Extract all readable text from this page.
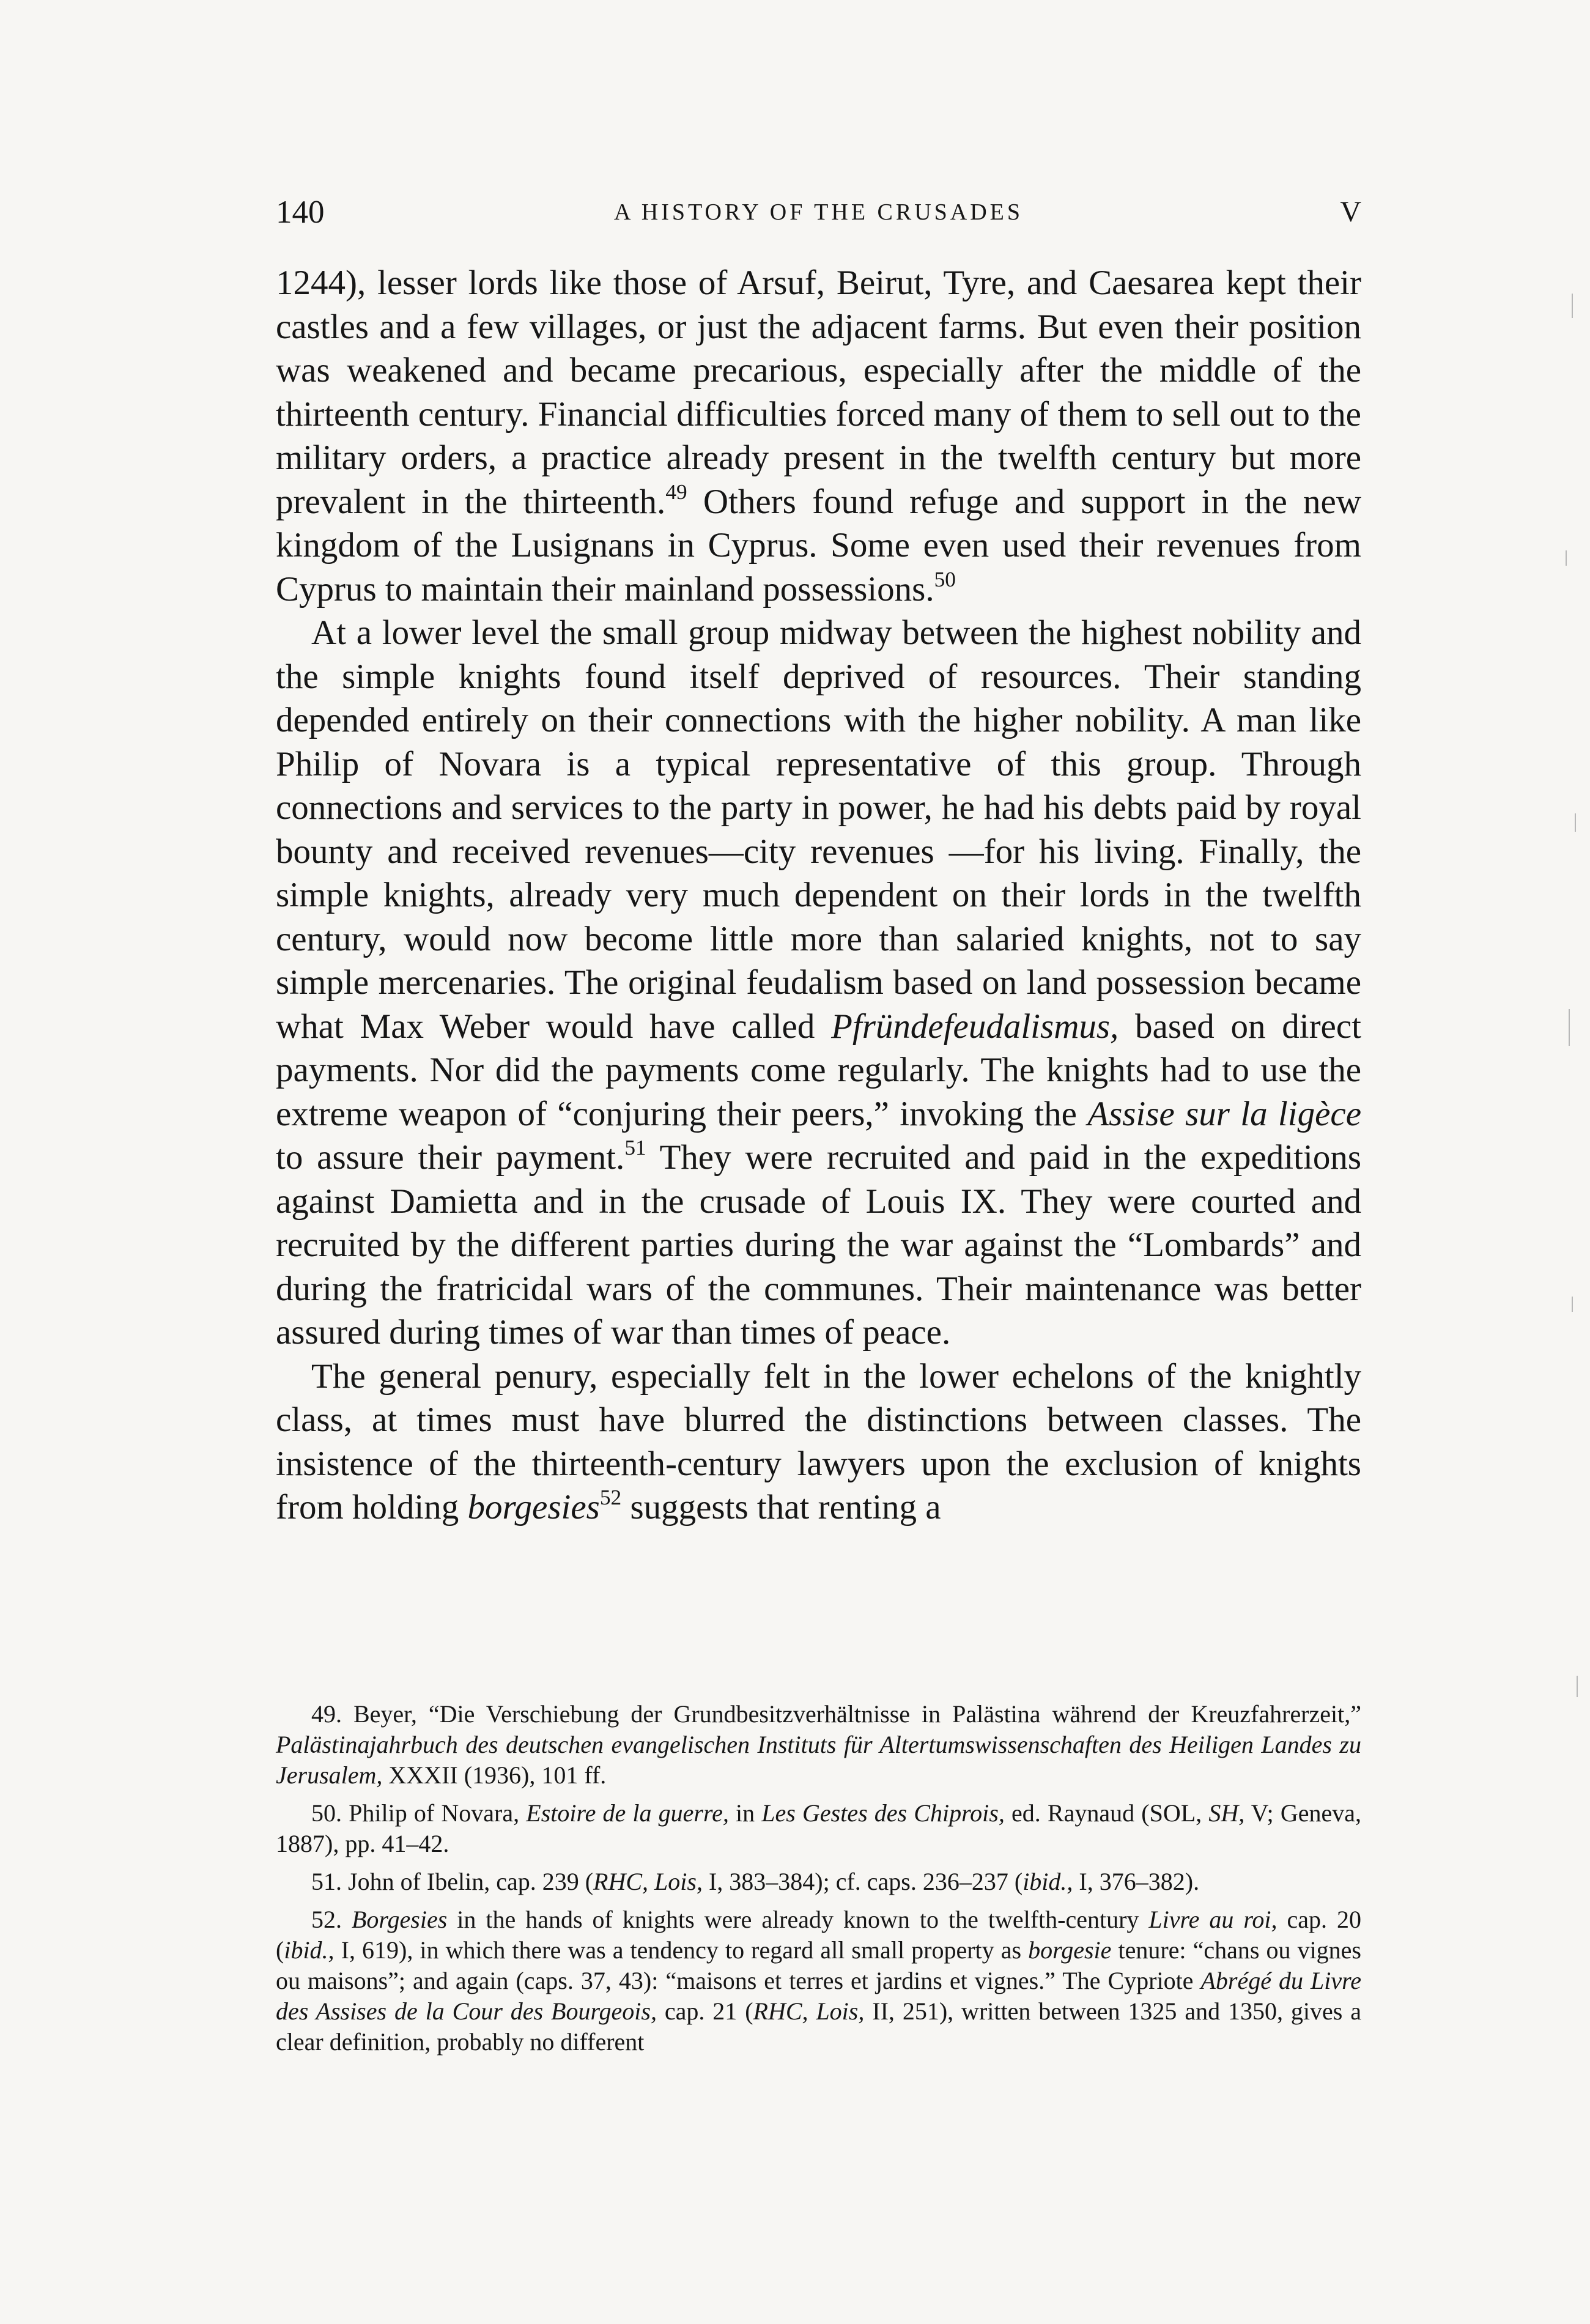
140	A HISTORY OF THE CRUSADES	V

1244), lesser lords like those of Arsuf, Beirut, Tyre, and Caesarea kept their castles and a few villages, or just the adjacent farms. But even their position was weakened and became precarious, especially after the middle of the thirteenth century. Financial difficulties forced many of them to sell out to the military orders, a practice already present in the twelfth century but more prevalent in the thirteenth.$^{49}$ Others found refuge and support in the new kingdom of the Lusignans in Cyprus. Some even used their revenues from Cyprus to maintain their mainland possessions.$^{50}$

At a lower level the small group midway between the highest nobility and the simple knights found itself deprived of resources. Their standing depended entirely on their connections with the higher nobility. A man like Philip of Novara is a typical representative of this group. Through connections and services to the party in power, he had his debts paid by royal bounty and received revenues—city revenues —for his living. Finally, the simple knights, already very much dependent on their lords in the twelfth century, would now become little more than salaried knights, not to say simple mercenaries. The original feudalism based on land possession became what Max Weber would have called Pfründefeudalismus, based on direct payments. Nor did the payments come regularly. The knights had to use the extreme weapon of “conjuring their peers,” invoking the Assise sur la ligèce to assure their payment.$^{51}$ They were recruited and paid in the expeditions against Damietta and in the crusade of Louis IX. They were courted and recruited by the different parties during the war against the “Lombards” and during the fratricidal wars of the communes. Their maintenance was better assured during times of war than times of peace.

The general penury, especially felt in the lower echelons of the knightly class, at times must have blurred the distinctions between classes. The insistence of the thirteenth-century lawyers upon the exclusion of knights from holding borgesies$^{52}$ suggests that renting a

49. Beyer, “Die Verschiebung der Grundbesitzverhältnisse in Palästina während der Kreuzfahrerzeit,” Palästinajahrbuch des deutschen evangelischen Instituts für Altertumswissenschaften des Heiligen Landes zu Jerusalem, XXXII (1936), 101 ff.

50. Philip of Novara, Estoire de la guerre, in Les Gestes des Chiprois, ed. Raynaud (SOL, SH, V; Geneva, 1887), pp. 41–42.

51. John of Ibelin, cap. 239 (RHC, Lois, I, 383–384); cf. caps. 236–237 (ibid., I, 376–382).

52. Borgesies in the hands of knights were already known to the twelfth-century Livre au roi, cap. 20 (ibid., I, 619), in which there was a tendency to regard all small property as borgesie tenure: “chans ou vignes ou maisons”; and again (caps. 37, 43): “maisons et terres et jardins et vignes.” The Cypriote Abrégé du Livre des Assises de la Cour des Bourgeois, cap. 21 (RHC, Lois, II, 251), written between 1325 and 1350, gives a clear definition, probably no different
